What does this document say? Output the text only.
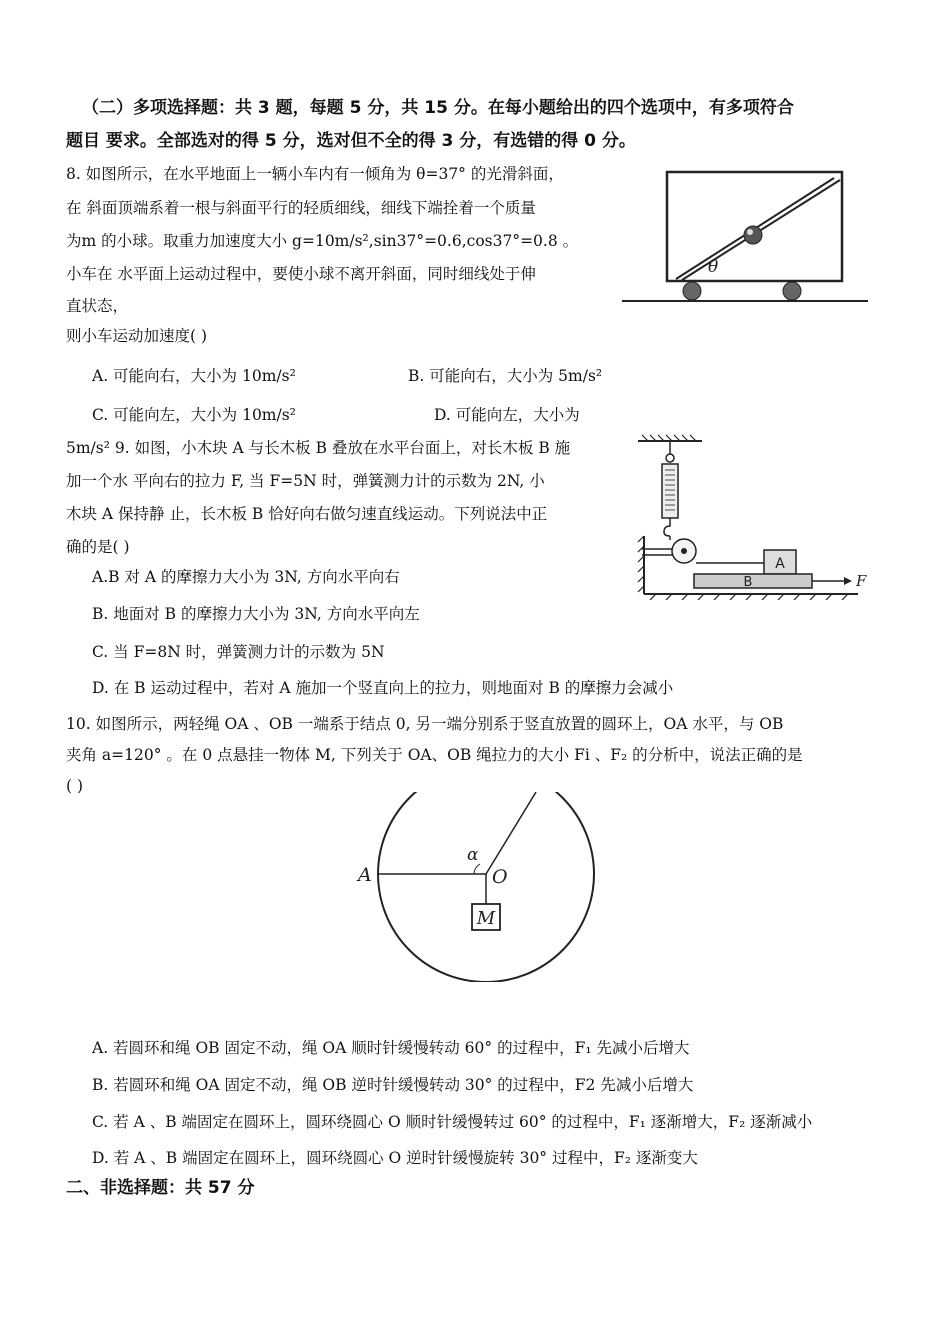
（二）多项选择题：共 3 题，每题 5 分，共 15 分。在每小题给出的四个选项中，有多项符合
题目 要求。全部选对的得 5 分，选对但不全的得 3 分，有选错的得 0 分。
8. 如图所示，在水平地面上一辆小车内有一倾角为 θ=37° 的光滑斜面，
在 斜面顶端系着一根与斜面平行的轻质细线，细线下端拴着一个质量
为m 的小球。取重力加速度大小 g=10m/s²,sin37°=0.6,cos37°=0.8 。
小车在 水平面上运动过程中，要使小球不离开斜面，同时细线处于伸
直状态，
则小车运动加速度( )
A. 可能向右，大小为 10m/s²	B. 可能向右，大小为 5m/s²
C. 可能向左，大小为 10m/s²	D. 可能向左，大小为
θ
5m/s² 9. 如图，小木块 A 与长木板 B 叠放在水平台面上，对长木板 B 施
加一个水 平向右的拉力 F, 当 F=5N 时，弹簧测力计的示数为 2N, 小
木块 A 保持静 止，长木板 B 恰好向右做匀速直线运动。下列说法中正
确的是( )
A.B 对 A 的摩擦力大小为 3N, 方向水平向右
B. 地面对 B 的摩擦力大小为 3N, 方向水平向左
C. 当 F=8N 时，弹簧测力计的示数为 5N
D. 在 B 运动过程中，若对 A 施加一个竖直向上的拉力，则地面对 B 的摩擦力会减小
A
B	F
10. 如图所示，两轻绳 OA 、OB 一端系于结点 0, 另一端分别系于竖直放置的圆环上，OA 水平，与 OB
夹角 a=120° 。在 0 点悬挂一物体 M, 下列关于 OA、OB 绳拉力的大小 Fi 、F₂ 的分析中，说法正确的是
( )
M
A	O
α
A. 若圆环和绳 OB 固定不动，绳 OA 顺时针缓慢转动 60° 的过程中，F₁ 先减小后增大
B. 若圆环和绳 OA 固定不动，绳 OB 逆时针缓慢转动 30° 的过程中，F2 先减小后增大
C. 若 A 、B 端固定在圆环上，圆环绕圆心 O 顺时针缓慢转过 60° 的过程中，F₁ 逐渐增大，F₂ 逐渐减小
D. 若 A 、B 端固定在圆环上，圆环绕圆心 O 逆时针缓慢旋转 30° 过程中，F₂ 逐渐变大
二、非选择题：共 57 分
